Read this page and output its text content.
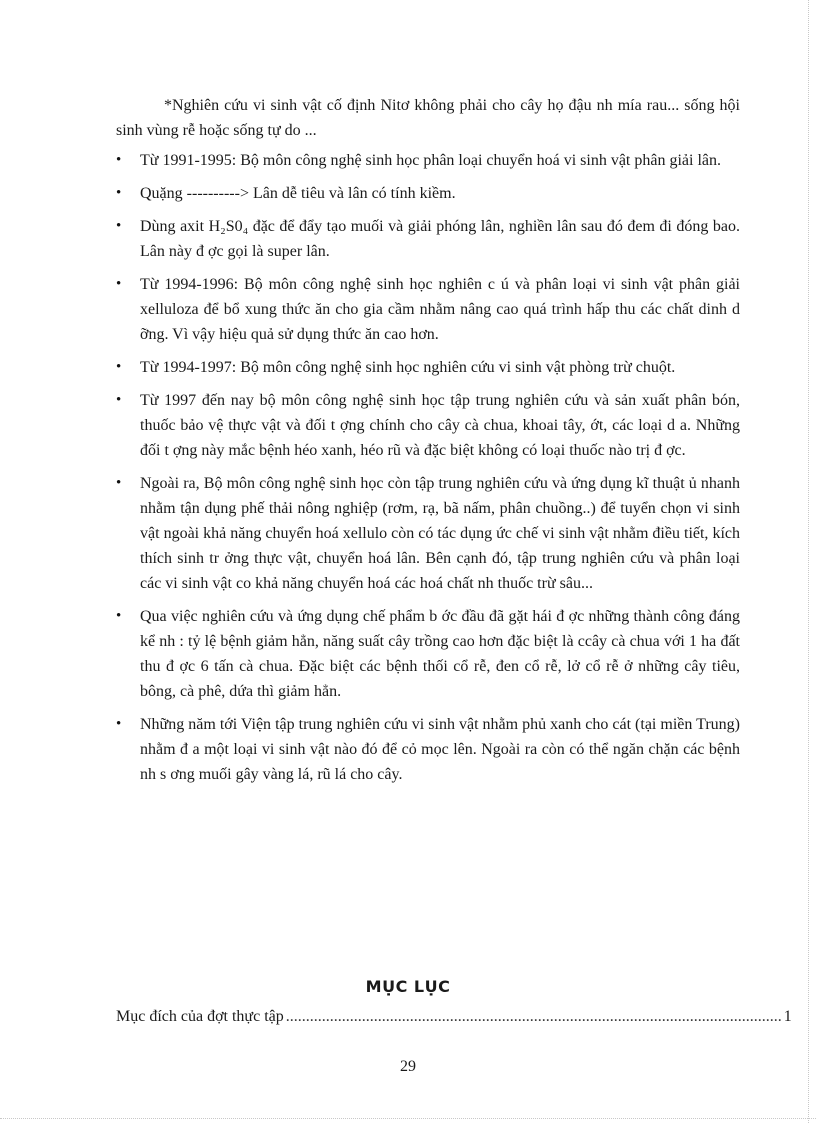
*Nghiên cứu vi sinh vật cố định Nitơ không phải cho cây họ đậu nh mía rau... sống hội sinh vùng rễ hoặc sống tự do ...

• Từ 1991-1995: Bộ môn công nghệ sinh học phân loại chuyển hoá vi sinh vật phân giải lân.
• Quặng ----------> Lân dễ tiêu và lân có tính kiềm.
• Dùng axit H₂S0₄ đặc để đẩy tạo muối và giải phóng lân, nghiền lân sau đó đem đi đóng bao. Lân này đ ợc gọi là super lân.
• Từ 1994-1996: Bộ môn công nghệ sinh học nghiên c ú và phân loại vi sinh vật phân giải xelluloza để bổ xung thức ăn cho gia cầm nhằm nâng cao quá trình hấp thu các chất dinh d ỡng. Vì vậy hiệu quả sử dụng thức ăn cao hơn.
• Từ 1994-1997: Bộ môn công nghệ sinh học nghiên cứu vi sinh vật phòng trừ chuột.
• Từ 1997 đến nay bộ môn công nghệ sinh học tập trung nghiên cứu và sản xuất phân bón, thuốc bảo vệ thực vật và đối t ợng chính cho cây cà chua, khoai tây, ớt, các loại d a. Những đối t ợng này mắc bệnh héo xanh, héo rũ và đặc biệt không có loại thuốc nào trị đ ợc.
• Ngoài ra, Bộ môn công nghệ sinh học còn tập trung nghiên cứu và ứng dụng kĩ thuật ủ nhanh nhằm tận dụng phế thải nông nghiệp (rơm, rạ, bã nấm, phân chuồng..) để tuyển chọn vi sinh vật ngoài khả năng chuyển hoá xellulo còn có tác dụng ức chế vi sinh vật nhằm điều tiết, kích thích sinh tr ởng thực vật, chuyển hoá lân. Bên cạnh đó, tập trung nghiên cứu và phân loại các vi sinh vật co khả năng chuyển hoá các hoá chất nh thuốc trừ sâu...
• Qua việc nghiên cứu và ứng dụng chế phẩm b ớc đầu đã gặt hái đ ợc những thành công đáng kể nh : tỷ lệ bệnh giảm hẳn, năng suất cây trồng cao hơn đặc biệt là ccây cà chua với 1 ha đất thu đ ợc 6 tấn cà chua. Đặc biệt các bệnh thối cổ rễ, đen cổ rễ, lở cổ rễ ở những cây tiêu, bông, cà phê, dứa thì giảm hẳn.
• Những năm tới Viện tập trung nghiên cứu vi sinh vật nhằm phủ xanh cho cát (tại miền Trung) nhằm đ a một loại vi sinh vật nào đó để cỏ mọc lên. Ngoài ra còn có thể ngăn chặn các bệnh nh s ơng muối gây vàng lá, rũ lá cho cây.
MỤC LỤC
Mục đích của đợt thực tập ............................................................................................................................ 1

29
